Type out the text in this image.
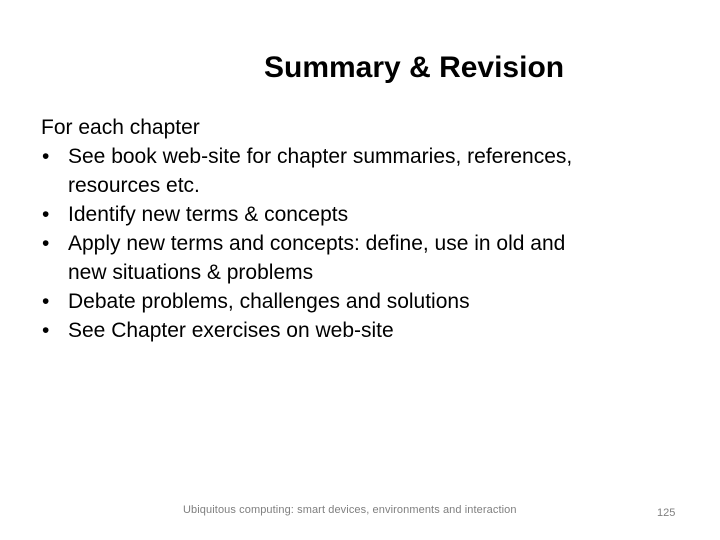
Summary & Revision
For each chapter
• See book web-site for chapter summaries, references,
resources etc.
• Identify new terms & concepts
• Apply new terms and concepts: define, use in old and
new situations & problems
• Debate problems, challenges and solutions
• See Chapter exercises on web-site
Ubiquitous computing: smart devices, environments and interaction	125
